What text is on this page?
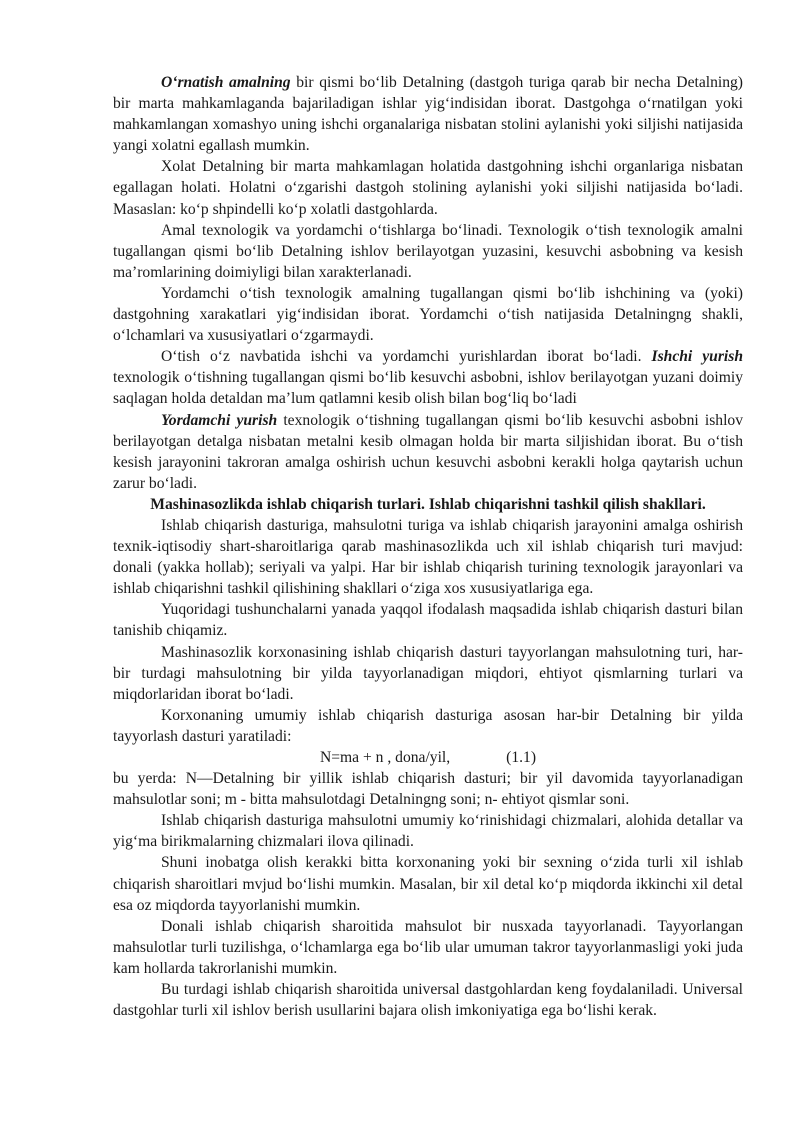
O‘rnatish amalning bir qismi bo‘lib Detalning (dastgoh turiga qarab bir necha Detalning) bir marta mahkamlaganda bajariladigan ishlar yig‘indisidan iborat. Dastgohga o‘rnatilgan yoki mahkamlangan xomashyo uning ishchi organalariga nisbatan stolini aylanishi yoki siljishi natijasida yangi xolatni egallash mumkin.

Xolat Detalning bir marta mahkamlagan holatida dastgohning ishchi organlariga nisbatan egallagan holati. Holatni o‘zgarishi dastgoh stolining aylanishi yoki siljishi natijasida bo‘ladi. Masaslan: ko‘p shpindelli ko‘p xolatli dastgohlarda.

Amal texnologik va yordamchi o‘tishlarga bo‘linadi. Texnologik o‘tish texnologik amalni tugallangan qismi bo‘lib Detalning ishlov berilayotgan yuzasini, kesuvchi asbobning va kesish ma’romlarining doimiyligi bilan xarakterlanadi.

Yordamchi o‘tish texnologik amalning tugallangan qismi bo‘lib ishchining va (yoki) dastgohning xarakatlari yig‘indisidan iborat. Yordamchi o‘tish natijasida Detalningng shakli, o‘lchamlari va xususiyatlari o‘zgarmaydi.

O‘tish o‘z navbatida ishchi va yordamchi yurishlardan iborat bo‘ladi. Ishchi yurish texnologik o‘tishning tugallangan qismi bo‘lib kesuvchi asbobni, ishlov berilayotgan yuzani doimiy saqlagan holda detaldan ma’lum qatlamni kesib olish bilan bog‘liq bo‘ladi

Yordamchi yurish texnologik o‘tishning tugallangan qismi bo‘lib kesuvchi asbobni ishlov berilayotgan detalga nisbatan metalni kesib olmagan holda bir marta siljishidan iborat. Bu o‘tish kesish jarayonini takroran amalga oshirish uchun kesuvchi asbobni kerakli holga qaytarish uchun zarur bo‘ladi.

Mashinasozlikda ishlab chiqarish turlari. Ishlab chiqarishni tashkil qilish shakllari.

Ishlab chiqarish dasturiga, mahsulotni turiga va ishlab chiqarish jarayonini amalga oshirish texnik-iqtisodiy shart-sharoitlariga qarab mashinasozlikda uch xil ishlab chiqarish turi mavjud: donali (yakka hollab); seriyali va yalpi. Har bir ishlab chiqarish turining texnologik jarayonlari va ishlab chiqarishni tashkil qilishining shakllari o‘ziga xos xususiyatlariga ega.

Yuqoridagi tushunchalarni yanada yaqqol ifodalash maqsadida ishlab chiqarish dasturi bilan tanishib chiqamiz.

Mashinasozlik korxonasining ishlab chiqarish dasturi tayyorlangan mahsulotning turi, har-bir turdagi mahsulotning bir yilda tayyorlanadigan miqdori, ehtiyot qismlarning turlari va miqdorlaridan iborat bo‘ladi.

Korxonaning umumiy ishlab chiqarish dasturiga asosan har-bir Detalning bir yilda tayyorlash dasturi yaratiladi:

N=ma + n , dona/yil,	(1.1)

bu yerda: N—Detalning bir yillik ishlab chiqarish dasturi; bir yil davomida tayyorlanadigan mahsulotlar soni; m - bitta mahsulotdagi Detalningng soni; n- ehtiyot qismlar soni.

Ishlab chiqarish dasturiga mahsulotni umumiy ko‘rinishidagi chizmalari, alohida detallar va yig‘ma birikmalarning chizmalari ilova qilinadi.

Shuni inobatga olish kerakki bitta korxonaning yoki bir sexning o‘zida turli xil ishlab chiqarish sharoitlari mvjud bo‘lishi mumkin. Masalan, bir xil detal ko‘p miqdorda ikkinchi xil detal esa oz miqdorda tayyorlanishi mumkin.

Donali ishlab chiqarish sharoitida mahsulot bir nusxada tayyorlanadi. Tayyorlangan mahsulotlar turli tuzilishga, o‘lchamlarga ega bo‘lib ular umuman takror tayyorlanmasligi yoki juda kam hollarda takrorlanishi mumkin.

Bu turdagi ishlab chiqarish sharoitida universal dastgohlardan keng foydalaniladi. Universal dastgohlar turli xil ishlov berish usullarini bajara olish imkoniyatiga ega bo‘lishi kerak.
